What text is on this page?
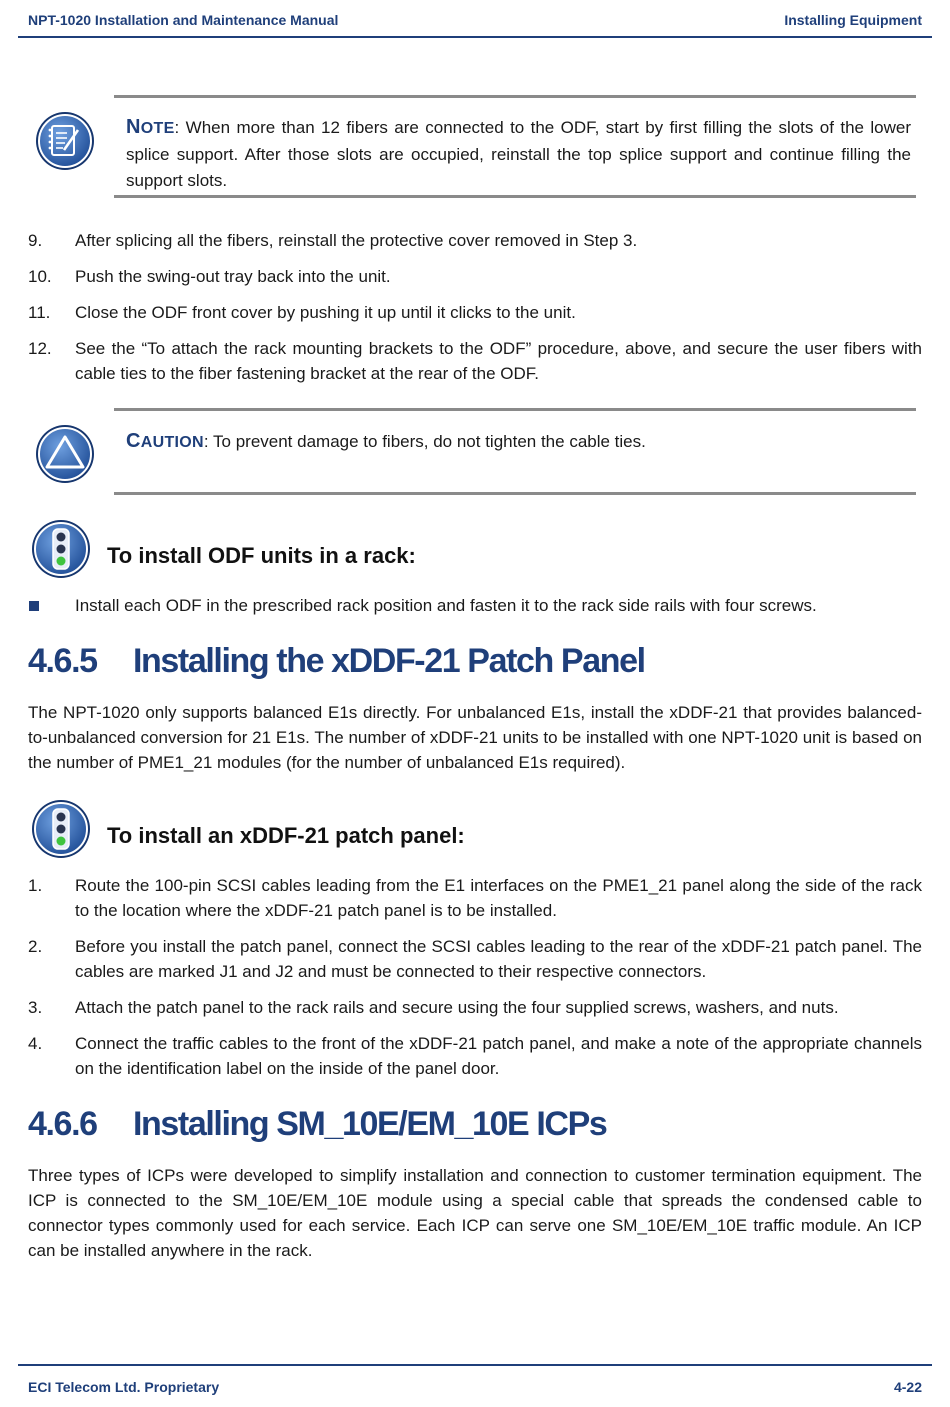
NPT-1020 Installation and Maintenance Manual	Installing Equipment
NOTE: When more than 12 fibers are connected to the ODF, start by first filling the slots of the lower splice support. After those slots are occupied, reinstall the top splice support and continue filling the support slots.
9. After splicing all the fibers, reinstall the protective cover removed in Step 3.
10. Push the swing-out tray back into the unit.
11. Close the ODF front cover by pushing it up until it clicks to the unit.
12. See the “To attach the rack mounting brackets to the ODF” procedure, above, and secure the user fibers with cable ties to the fiber fastening bracket at the rear of the ODF.
CAUTION: To prevent damage to fibers, do not tighten the cable ties.
To install ODF units in a rack:
Install each ODF in the prescribed rack position and fasten it to the rack side rails with four screws.
4.6.5 Installing the xDDF-21 Patch Panel
The NPT-1020 only supports balanced E1s directly. For unbalanced E1s, install the xDDF-21 that provides balanced-to-unbalanced conversion for 21 E1s. The number of xDDF-21 units to be installed with one NPT-1020 unit is based on the number of PME1_21 modules (for the number of unbalanced E1s required).
To install an xDDF-21 patch panel:
1. Route the 100-pin SCSI cables leading from the E1 interfaces on the PME1_21 panel along the side of the rack to the location where the xDDF-21 patch panel is to be installed.
2. Before you install the patch panel, connect the SCSI cables leading to the rear of the xDDF-21 patch panel. The cables are marked J1 and J2 and must be connected to their respective connectors.
3. Attach the patch panel to the rack rails and secure using the four supplied screws, washers, and nuts.
4. Connect the traffic cables to the front of the xDDF-21 patch panel, and make a note of the appropriate channels on the identification label on the inside of the panel door.
4.6.6 Installing SM_10E/EM_10E ICPs
Three types of ICPs were developed to simplify installation and connection to customer termination equipment. The ICP is connected to the SM_10E/EM_10E module using a special cable that spreads the condensed cable to connector types commonly used for each service. Each ICP can serve one SM_10E/EM_10E traffic module. An ICP can be installed anywhere in the rack.
ECI Telecom Ltd. Proprietary	4-22
